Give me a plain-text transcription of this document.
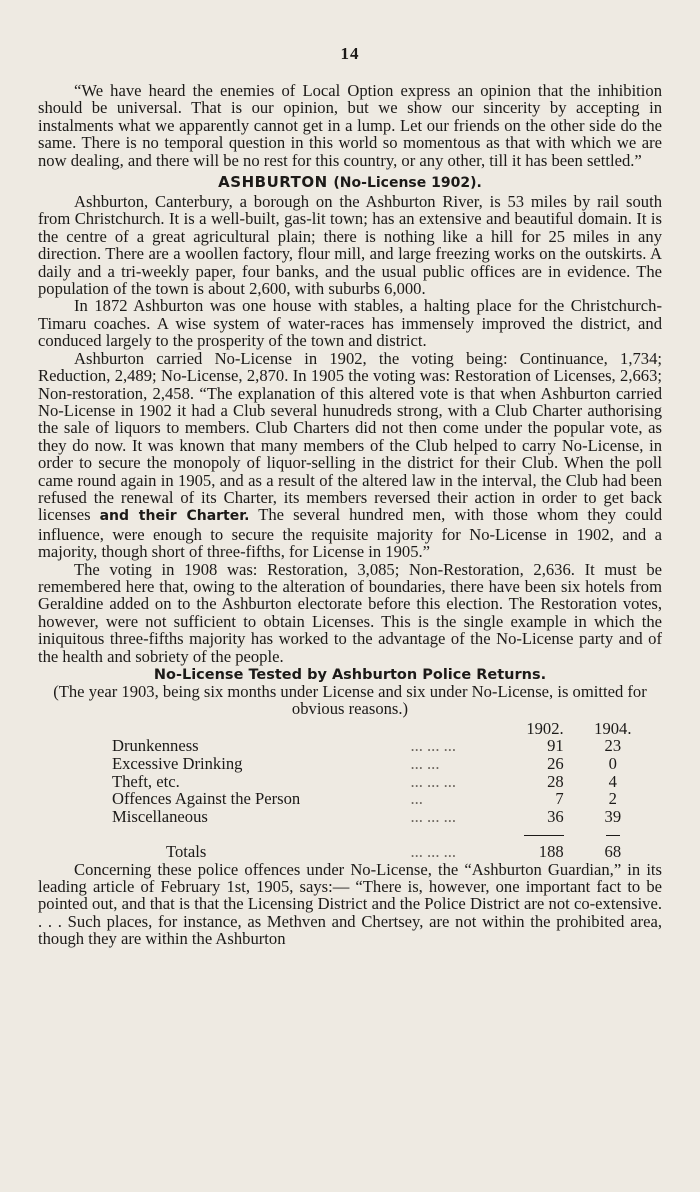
14

“We have heard the enemies of Local Option express an opinion that the inhibition should be universal. That is our opinion, but we show our sincerity by accepting in instalments what we apparently cannot get in a lump. Let our friends on the other side do the same. There is no temporal question in this world so momentous as that with which we are now dealing, and there will be no rest for this country, or any other, till it has been settled.”

ASHBURTON (No-License 1902).

Ashburton, Canterbury, a borough on the Ashburton River, is 53 miles by rail south from Christchurch. It is a well-built, gas-lit town; has an extensive and beautiful domain. It is the centre of a great agricultural plain; there is nothing like a hill for 25 miles in any direction. There are a woollen factory, flour mill, and large freezing works on the outskirts. A daily and a tri-weekly paper, four banks, and the usual public offices are in evidence. The population of the town is about 2,600, with suburbs 6,000.

In 1872 Ashburton was one house with stables, a halting place for the Christchurch-Timaru coaches. A wise system of water-races has immensely improved the district, and conduced largely to the prosperity of the town and district.

Ashburton carried No-License in 1902, the voting being: Continuance, 1,734; Reduction, 2,489; No-License, 2,870. In 1905 the voting was: Restoration of Licenses, 2,663; Non-restoration, 2,458. “The explanation of this altered vote is that when Ashburton carried No-License in 1902 it had a Club several hunudreds strong, with a Club Charter authorising the sale of liquors to members. Club Charters did not then come under the popular vote, as they do now. It was known that many members of the Club helped to carry No-License, in order to secure the monopoly of liquor-selling in the district for their Club. When the poll came round again in 1905, and as a result of the altered law in the interval, the Club had been refused the renewal of its Charter, its members reversed their action in order to get back licenses and their Charter. The several hundred men, with those whom they could influence, were enough to secure the requisite majority for No-License in 1902, and a majority, though short of three-fifths, for License in 1905.”

The voting in 1908 was: Restoration, 3,085; Non-Restoration, 2,636. It must be remembered here that, owing to the alteration of boundaries, there have been six hotels from Geraldine added on to the Ashburton electorate before this election. The Restoration votes, however, were not sufficient to obtain Licenses. This is the single example in which the iniquitous three-fifths majority has worked to the advantage of the No-License party and of the health and sobriety of the people.

No-License Tested by Ashburton Police Returns.
(The year 1903, being six months under License and six under No-License, is omitted for obvious reasons.)
		1902.	1904.
Drunkenness	... ... ...	91	23
Excessive Drinking	... ...	26	0
Theft, etc.	... ... ...	28	4
Offences Against the Person	...	7	2
Miscellaneous	... ... ...	36	39

Totals	... ... ...	188	68

Concerning these police offences under No-License, the “Ashburton Guardian,” in its leading article of February 1st, 1905, says:— “There is, however, one important fact to be pointed out, and that is that the Licensing District and the Police District are not co-extensive. . . . Such places, for instance, as Methven and Chertsey, are not within the prohibited area, though they are within the Ashburton
